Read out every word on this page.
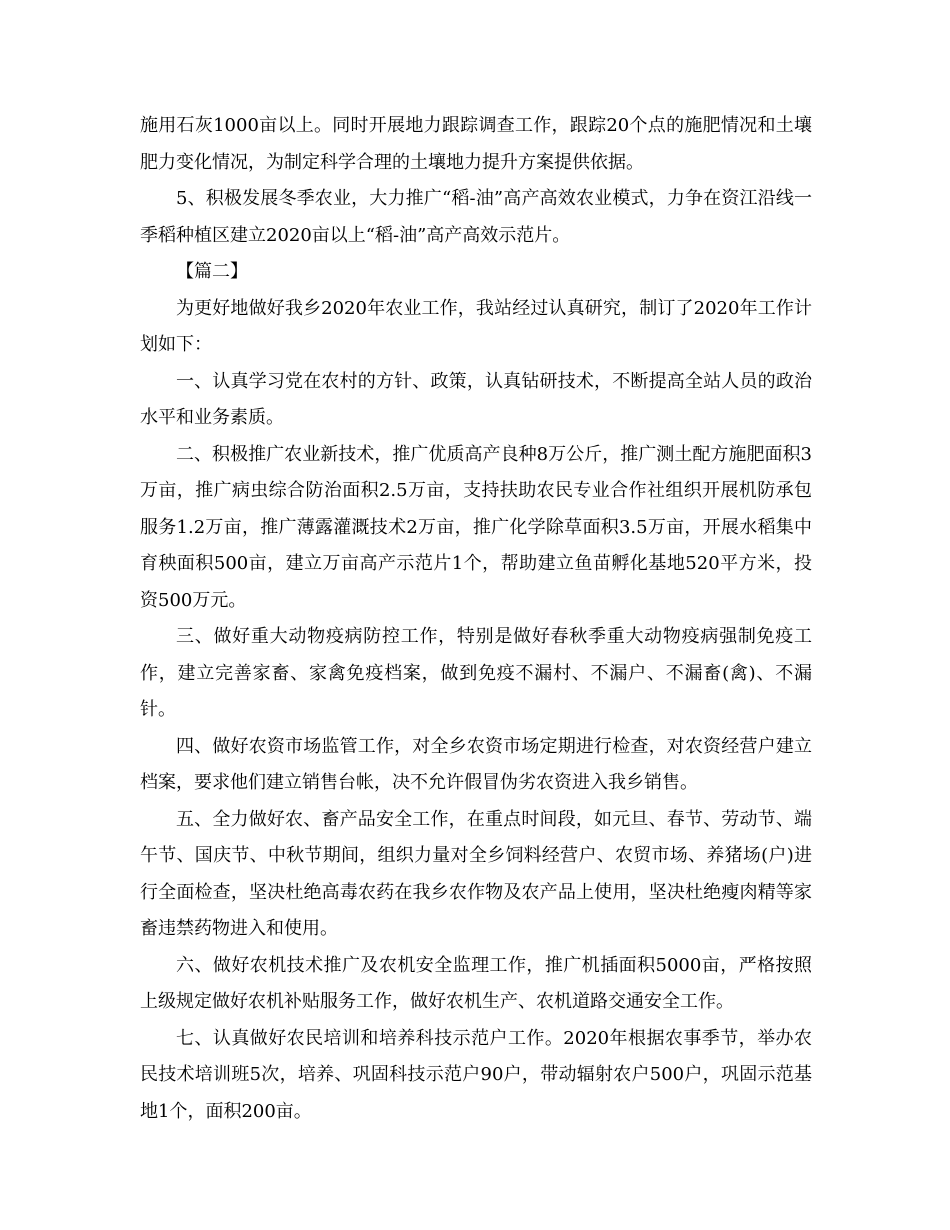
施用石灰1000亩以上。同时开展地力跟踪调查工作，跟踪20个点的施肥情况和土壤肥力变化情况，为制定科学合理的土壤地力提升方案提供依据。

5、积极发展冬季农业，大力推广“稻-油”高产高效农业模式，力争在资江沿线一季稻种植区建立2020亩以上“稻-油”高产高效示范片。

【篇二】

为更好地做好我乡2020年农业工作，我站经过认真研究，制订了2020年工作计划如下：

一、认真学习党在农村的方针、政策，认真钻研技术，不断提高全站人员的政治水平和业务素质。

二、积极推广农业新技术，推广优质高产良种8万公斤，推广测土配方施肥面积3万亩，推广病虫综合防治面积2.5万亩，支持扶助农民专业合作社组织开展机防承包服务1.2万亩，推广薄露灌溉技术2万亩，推广化学除草面积3.5万亩，开展水稻集中育秧面积500亩，建立万亩高产示范片1个，帮助建立鱼苗孵化基地520平方米，投资500万元。

三、做好重大动物疫病防控工作，特别是做好春秋季重大动物疫病强制免疫工作，建立完善家畜、家禽免疫档案，做到免疫不漏村、不漏户、不漏畜(禽)、不漏针。

四、做好农资市场监管工作，对全乡农资市场定期进行检查，对农资经营户建立档案，要求他们建立销售台帐，决不允许假冒伪劣农资进入我乡销售。

五、全力做好农、畜产品安全工作，在重点时间段，如元旦、春节、劳动节、端午节、国庆节、中秋节期间，组织力量对全乡饲料经营户、农贸市场、养猪场(户)进行全面检查，坚决杜绝高毒农药在我乡农作物及农产品上使用，坚决杜绝瘦肉精等家畜违禁药物进入和使用。

六、做好农机技术推广及农机安全监理工作，推广机插面积5000亩，严格按照上级规定做好农机补贴服务工作，做好农机生产、农机道路交通安全工作。

七、认真做好农民培训和培养科技示范户工作。2020年根据农事季节，举办农民技术培训班5次，培养、巩固科技示范户90户，带动辐射农户500户，巩固示范基地1个，面积200亩。
